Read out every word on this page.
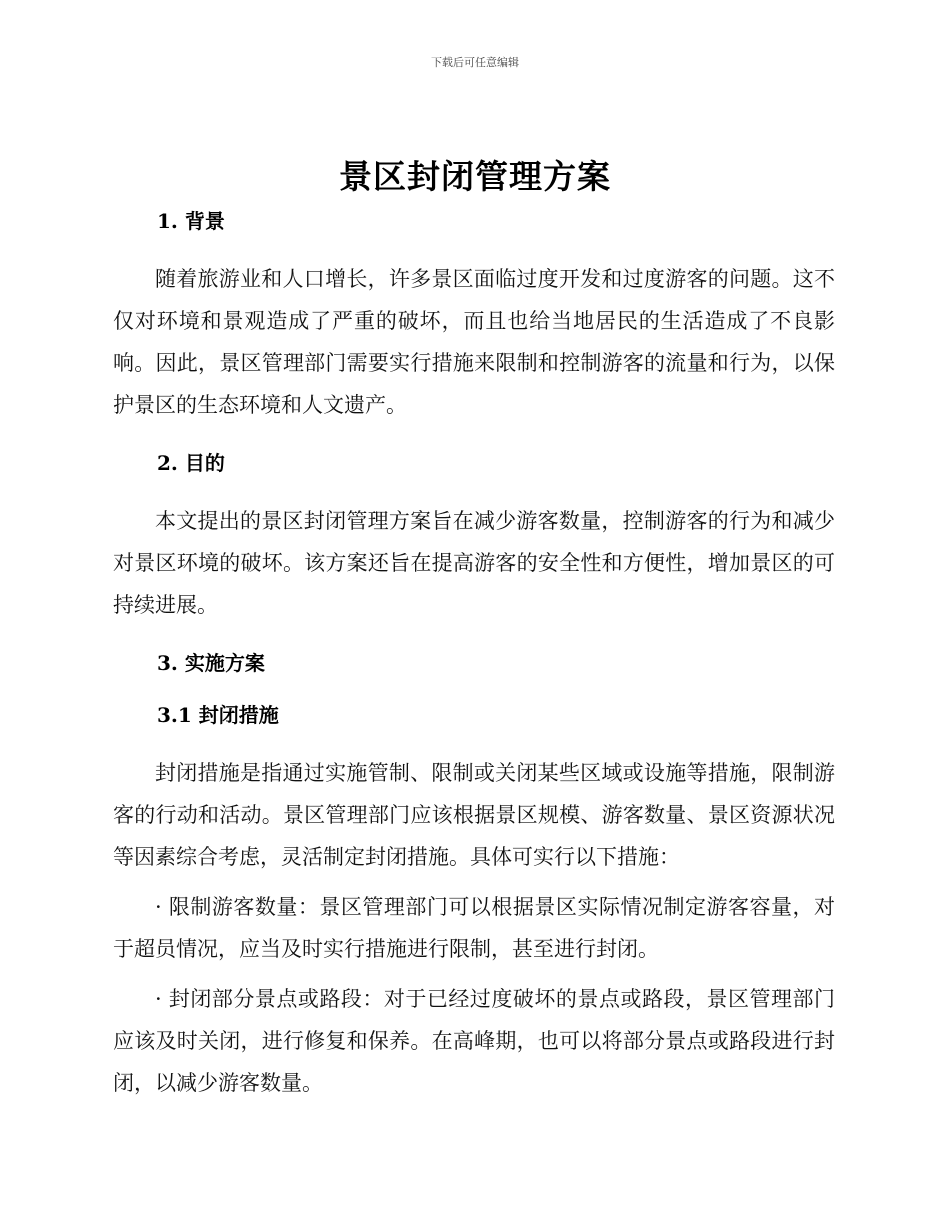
下载后可任意编辑
景区封闭管理方案
1. 背景

随着旅游业和人口增长，许多景区面临过度开发和过度游客的问题。这不仅对环境和景观造成了严重的破坏，而且也给当地居民的生活造成了不良影响。因此，景区管理部门需要实行措施来限制和控制游客的流量和行为，以保护景区的生态环境和人文遗产。

2. 目的

本文提出的景区封闭管理方案旨在减少游客数量，控制游客的行为和减少对景区环境的破坏。该方案还旨在提高游客的安全性和方便性，增加景区的可持续进展。

3. 实施方案
3.1 封闭措施

封闭措施是指通过实施管制、限制或关闭某些区域或设施等措施，限制游客的行动和活动。景区管理部门应该根据景区规模、游客数量、景区资源状况等因素综合考虑，灵活制定封闭措施。具体可实行以下措施：

· 限制游客数量：景区管理部门可以根据景区实际情况制定游客容量，对于超员情况，应当及时实行措施进行限制，甚至进行封闭。

· 封闭部分景点或路段：对于已经过度破坏的景点或路段，景区管理部门应该及时关闭，进行修复和保养。在高峰期，也可以将部分景点或路段进行封闭，以减少游客数量。
